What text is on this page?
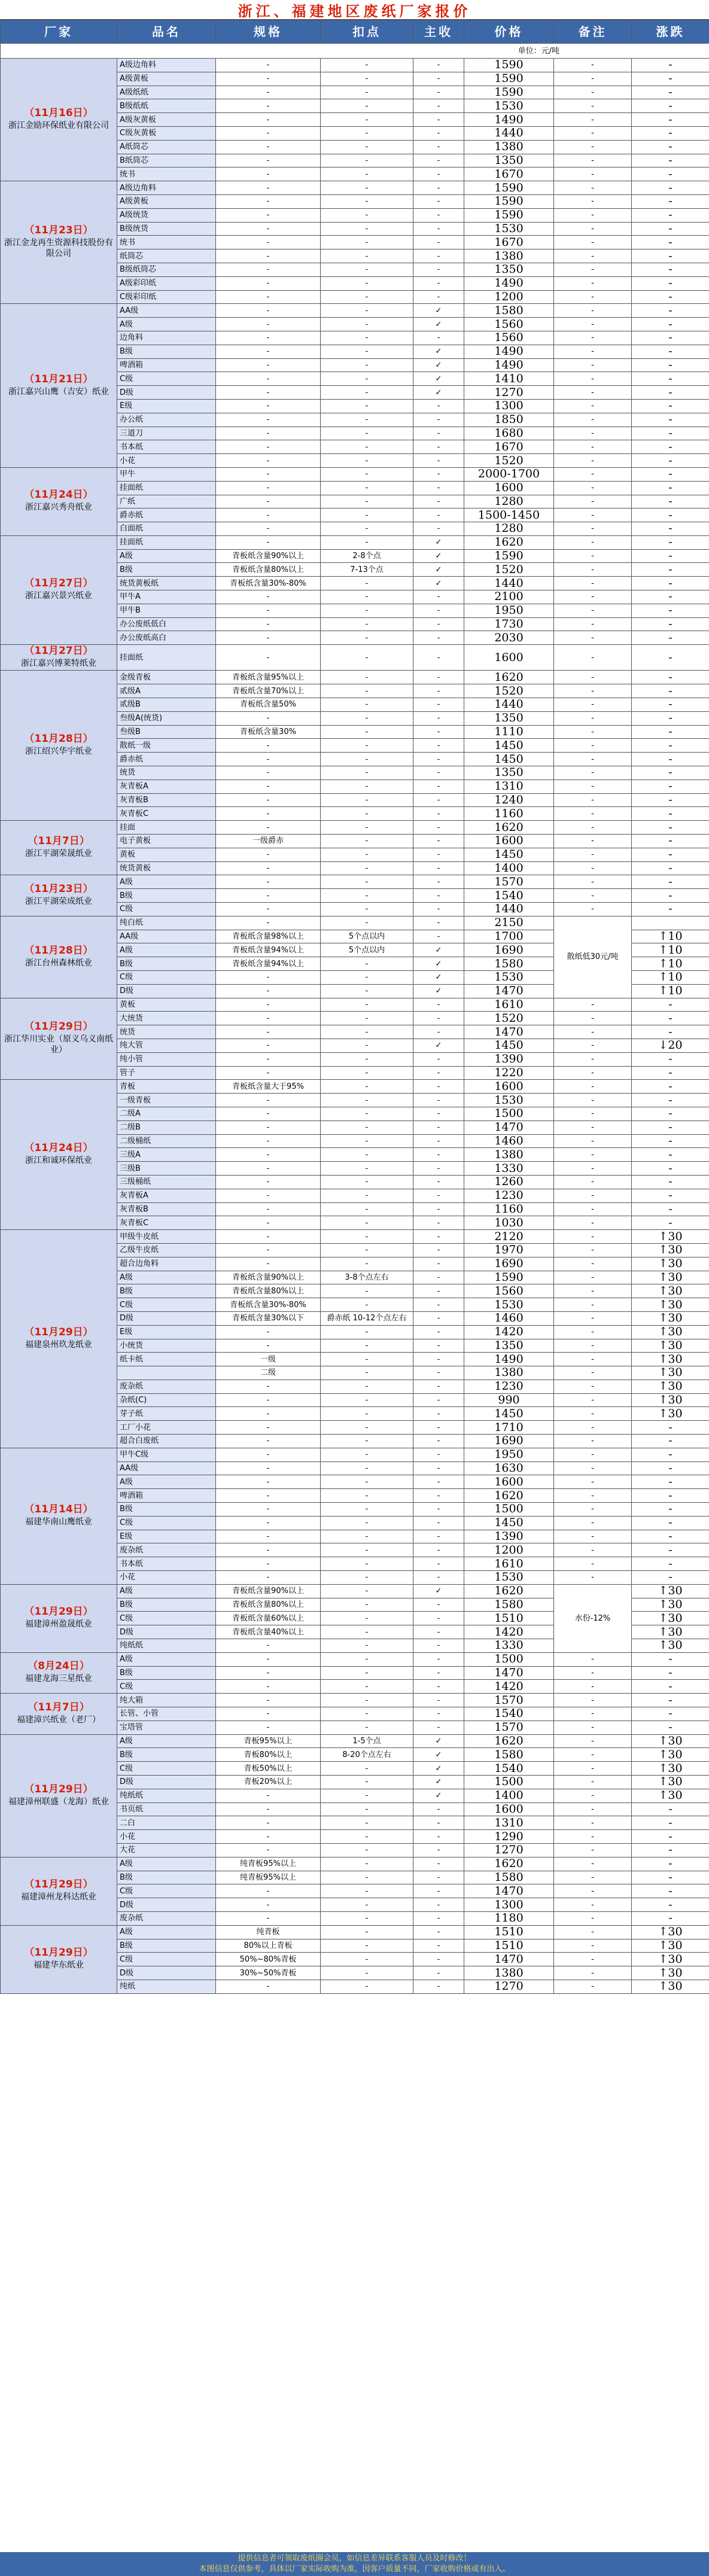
浙江、福建地区废纸厂家报价
厂家	品名	规格	扣点	主收	价格	备注	涨跌
单位：元/吨							

（11月16日）
浙江金励环保纸业有限公司	A级边角料	-	-	-	1590	-	-
	A级黄板	-	-	-	1590	-	-
	A级纸纸	-	-	-	1590	-	-
	B级纸纸	-	-	-	1530	-	-
	A级灰黄板	-	-	-	1490	-	-
	C级灰黄板	-	-	-	1440	-	-
	A纸筒芯	-	-	-	1380	-	-
	B纸筒芯	-	-	-	1350	-	-
	统书	-	-	-	1670	-	-

（11月23日）
浙江金龙再生资源科技股份有限公司	A级边角料	-	-	-	1590	-	-
	A级黄板	-	-	-	1590	-	-
	A级统货	-	-	-	1590	-	-
	B级统货	-	-	-	1530	-	-
	统书	-	-	-	1670	-	-
	纸筒芯	-	-	-	1380	-	-
	B级纸筒芯	-	-	-	1350	-	-
	A级彩印纸	-	-	-	1490	-	-
	C级彩印纸	-	-	-	1200	-	-

（11月21日）
浙江嘉兴山鹰（吉安）纸业	AA级	-	-	✓	1580	-	-
	A级	-	-	✓	1560	-	-
	边角料	-	-	-	1560	-	-
	B级	-	-	✓	1490	-	-
	啤酒箱	-	-	✓	1490	-	-
	C级	-	-	✓	1410	-	-
	D级	-	-	✓	1270	-	-
	E级	-	-	-	1300	-	-
	办公纸	-	-	-	1850	-	-
	三道刀	-	-	-	1680	-	-
	书本纸	-	-	-	1670	-	-
	小花	-	-	-	1520	-	-

（11月24日）
浙江嘉兴秀舟纸业	甲牛	-	-	-	2000-1700	-	-
	挂面纸	-	-	-	1600	-	-
	广纸	-	-	-	1280	-	-
	爵赤纸	-	-	-	1500-1450	-	-
	白面纸	-	-	-	1280	-	-

（11月27日）
浙江嘉兴景兴纸业	挂面纸	-	-	✓	1620	-	-
	A级	青板纸含量90%以上	2-8个点	✓	1590	-	-
	B级	青板纸含量80%以上	7-13个点	✓	1520	-	-
	统货黄板纸	青板纸含量30%-80%	-	✓	1440	-	-
	甲牛A	-	-	-	2100	-	-
	甲牛B	-	-	-	1950	-	-
	办公废纸低白	-	-	-	1730	-	-
	办公废纸高白	-	-	-	2030	-	-

（11月27日）
浙江嘉兴博莱特纸业	挂面纸	-	-	-	1600	-	-

（11月28日）
浙江绍兴华宇纸业	金级青板	青板纸含量95%以上	-	-	1620	-	-
	贰级A	青板纸含量70%以上	-	-	1520	-	-
	贰级B	青板纸含量50%	-	-	1440	-	-
	叁级A(统货)	-	-	-	1350	-	-
	叁级B	青板纸含量30%	-	-	1110	-	-
	散纸一级	-	-	-	1450	-	-
	爵赤纸	-	-	-	1450	-	-
	统货	-	-	-	1350	-	-
	灰青板A	-	-	-	1310	-	-
	灰青板B	-	-	-	1240	-	-
	灰青板C	-	-	-	1160	-	-

（11月7日）
浙江平湖荣晟纸业	挂面	-	-	-	1620	-	-
	电子黄板	一级爵赤	-	-	1600	-	-
	黄板	-	-	-	1450	-	-
	统货黄板	-	-	-	1400	-	-

（11月23日）
浙江平湖荣成纸业	A级	-	-	-	1570	-	-
	B级	-	-	-	1540	-	-
	C级	-	-	-	1440	-	-

（11月28日）
浙江台州森林纸业	纯白纸	-	-	-	2150	散纸低30元/吨	
	AA级	青板纸含量98%以上	5个点以内	-	1700		↑10
	A级	青板纸含量94%以上	5个点以内	✓	1690		↑10
	B级	青板纸含量94%以上	-	✓	1580		↑10
	C级	-	-	✓	1530		↑10
	D级	-	-	✓	1470		↑10

（11月29日）
浙江华川实业（原义乌义南纸业）	黄板	-	-	-	1610	-	-
	大统货	-	-	-	1520	-	-
	统货	-	-	-	1470	-	-
	纯大管	-	-	✓	1450	-	↓20
	纯小管	-	-	-	1390	-	-
	管子	-	-	-	1220	-	-

（11月24日）
浙江和诚环保纸业	青板	青板纸含量大于95%	-	-	1600	-	-
	一级青板	-	-	-	1530	-	-
	二级A	-	-	-	1500	-	-
	二级B	-	-	-	1470	-	-
	二级桶纸	-	-	-	1460	-	-
	三级A	-	-	-	1380	-	-
	三级B	-	-	-	1330	-	-
	三级桶纸	-	-	-	1260	-	-
	灰青板A	-	-	-	1230	-	-
	灰青板B	-	-	-	1160	-	-
	灰青板C	-	-	-	1030	-	-

（11月29日）
福建泉州玖龙纸业	甲级牛皮纸	-	-	-	2120	-	↑30
	乙级牛皮纸	-	-	-	1970	-	↑30
	超合边角料	-	-	-	1690	-	↑30
	A级	青板纸含量90%以上	3-8个点左右	-	1590	-	↑30
	B级	青板纸含量80%以上	-	-	1560	-	↑30
	C级	青板纸含量30%-80%	-	-	1530	-	↑30
	D级	青板纸含量30%以下	爵赤纸 10-12个点左右	-	1460	-	↑30
	E级	-	-	-	1420	-	↑30
	小统货	-	-	-	1350	-	↑30
	纸卡纸	一级	-	-	1490	-	↑30
		二级	-	-	1380	-	↑30
	废杂纸	-	-	-	1230	-	↑30
	杂纸(C)	-	-	-	990	-	↑30
	芽子纸	-	-	-	1450	-	↑30
	工厂小花	-	-	-	1710	-	-
	超合白废纸	-	-	-	1690	-	-

（11月14日）
福建华南山鹰纸业	甲牛C级	-	-	-	1950	-	-
	AA级	-	-	-	1630	-	-
	A级	-	-	-	1600	-	-
	啤酒箱	-	-	-	1620	-	-
	B级	-	-	-	1500	-	-
	C级	-	-	-	1450	-	-
	E级	-	-	-	1390	-	-
	废杂纸	-	-	-	1200	-	-
	书本纸	-	-	-	1610	-	-
	小花	-	-	-	1530	-	-

（11月29日）
福建漳州盈晟纸业	A级	青板纸含量90%以上	-	✓	1620	水份-12%	↑30
	B级	青板纸含量80%以上	-	-	1580		↑30
	C级	青板纸含量60%以上	-	-	1510		↑30
	D级	青板纸含量40%以上	-	-	1420		↑30
	纯纸纸	-	-	-	1330		↑30

（8月24日）
福建龙海三星纸业	A级	-	-	-	1500	-	-
	B级	-	-	-	1470	-	-
	C级	-	-	-	1420	-	-

（11月7日）
福建漳兴纸业（老厂）	纯大箱	-	-	-	1570	-	-
	长管、小管	-	-	-	1540	-	-
	宝塔管	-	-	-	1570	-	-

（11月29日）
福建漳州联盛（龙海）纸业	A级	青板95%以上	1-5个点	✓	1620	-	↑30
	B级	青板80%以上	8-20个点左右	✓	1580	-	↑30
	C级	青板50%以上	-	✓	1540	-	↑30
	D级	青板20%以上	-	✓	1500	-	↑30
	纯纸纸	-	-	✓	1400	-	↑30
	书页纸	-	-	-	1600	-	-
	二白	-	-	-	1310	-	-
	小花	-	-	-	1290	-	-
	大花	-	-	-	1270	-	-

（11月29日）
福建漳州龙科达纸业	A级	纯青板95%以上	-	-	1620	-	-
	B级	纯青板95%以上	-	-	1580	-	-
	C级	-	-	-	1470	-	-
	D级	-	-	-	1300	-	-
	废杂纸	-	-	-	1180	-	-

（11月29日）
福建华东纸业	A级	纯青板	-	-	1510	-	↑30
	B级	80%以上青板	-	-	1510	-	↑30
	C级	50%~80%青板	-	-	1470	-	↑30
	D级	30%~50%青板	-	-	1380	-	↑30
	纯纸	-	-	-	1270	-	↑30
提供信息者可领取废纸圈会员，如信息差异联系客服人员及时修改！
本图信息仅供参考，具体以厂家实际收购为准，因客户质量不同，厂家收购价格或有出入。
